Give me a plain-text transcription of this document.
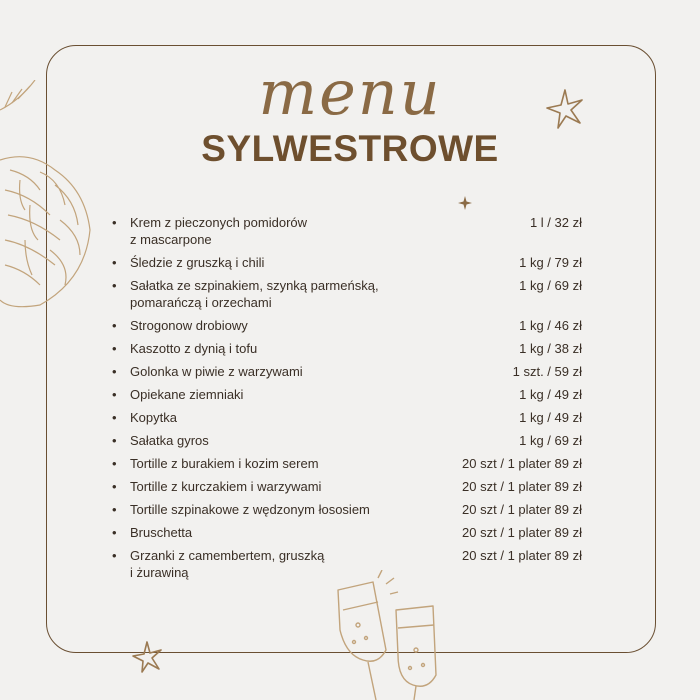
menu
SYLWESTROWE
•	Krem z pieczonych pomidorów
z mascarpone
1 l / 32 zł
•	Śledzie z gruszką i chili	1 kg / 79 zł
•	Sałatka ze szpinakiem, szynką parmeńską,
pomarańczą i orzechami
1 kg / 69 zł
•	Strogonow drobiowy	1 kg / 46 zł
•	Kaszotto z dynią i tofu	1 kg / 38 zł
•	Golonka w piwie z warzywami	1 szt. / 59 zł
•	Opiekane ziemniaki	1 kg / 49 zł
•	Kopytka	1 kg / 49 zł
•	Sałatka gyros	1 kg / 69 zł
•	Tortille z burakiem i kozim serem	20 szt / 1 plater 89 zł
•	Tortille z kurczakiem i warzywami	20 szt / 1 plater 89 zł
•	Tortille szpinakowe z wędzonym łososiem	20 szt / 1 plater 89 zł
•	Bruschetta	20 szt / 1 plater 89 zł
•	Grzanki z camembertem, gruszką
i żurawiną
20 szt / 1 plater 89 zł
